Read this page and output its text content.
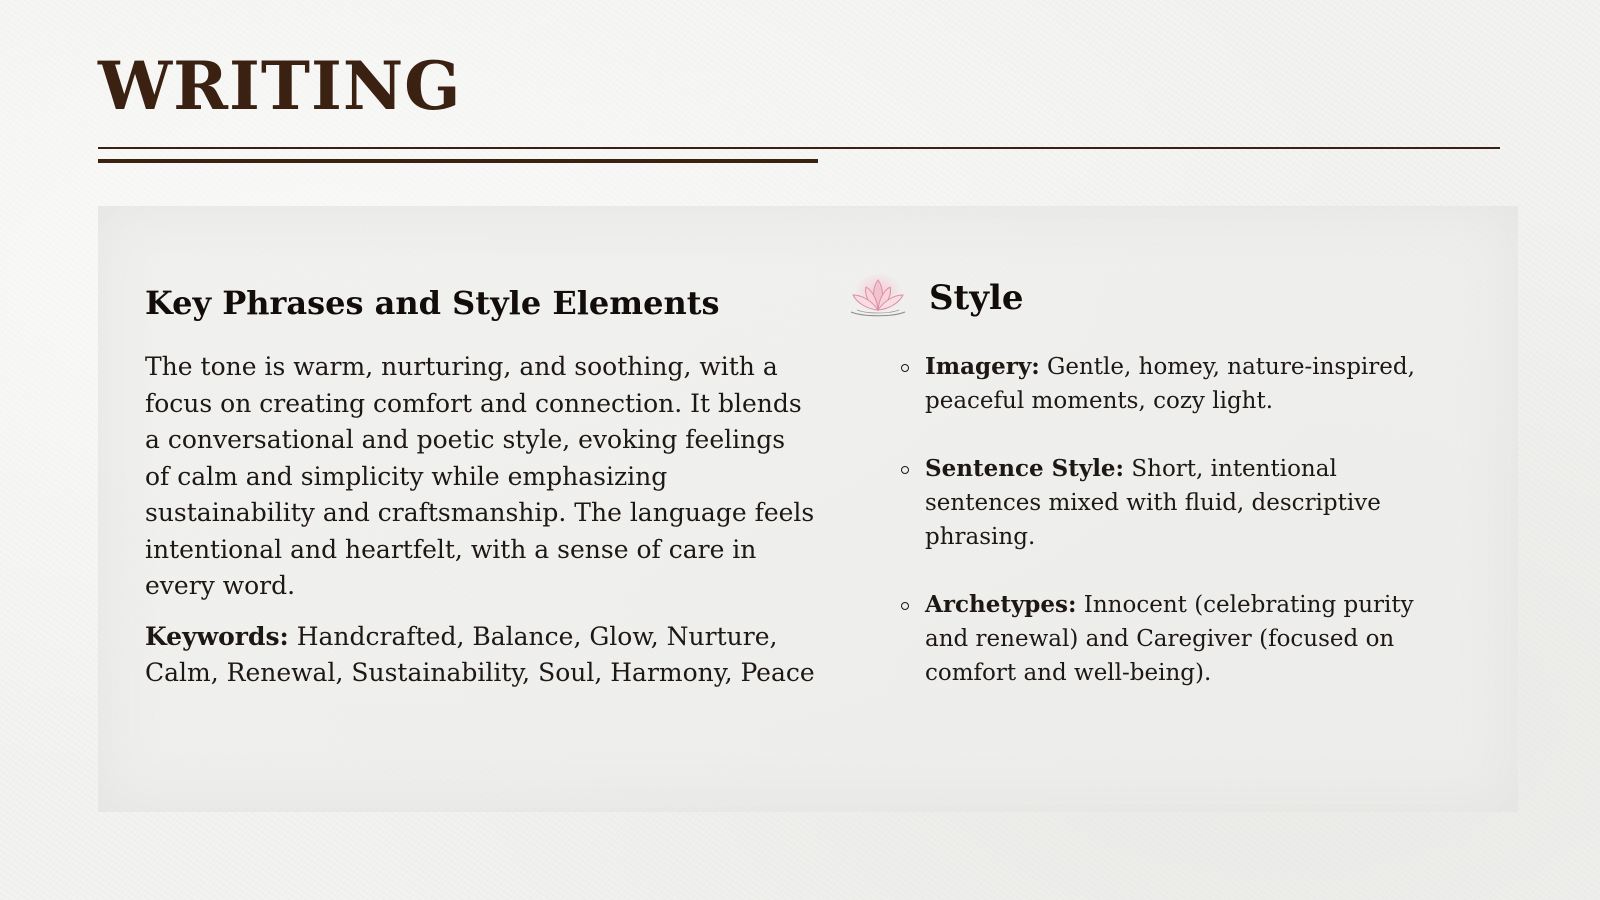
WRITING
Key Phrases and Style Elements

The tone is warm, nurturing, and soothing, with a focus on creating comfort and connection. It blends a conversational and poetic style, evoking feelings of calm and simplicity while emphasizing sustainability and craftsmanship. The language feels intentional and heartfelt, with a sense of care in every word.

Keywords: Handcrafted, Balance, Glow, Nurture, Calm, Renewal, Sustainability, Soul, Harmony, Peace

Style
Imagery: Gentle, homey, nature-inspired, peaceful moments, cozy light.
Sentence Style: Short, intentional sentences mixed with fluid, descriptive phrasing.
Archetypes: Innocent (celebrating purity and renewal) and Caregiver (focused on comfort and well-being).
